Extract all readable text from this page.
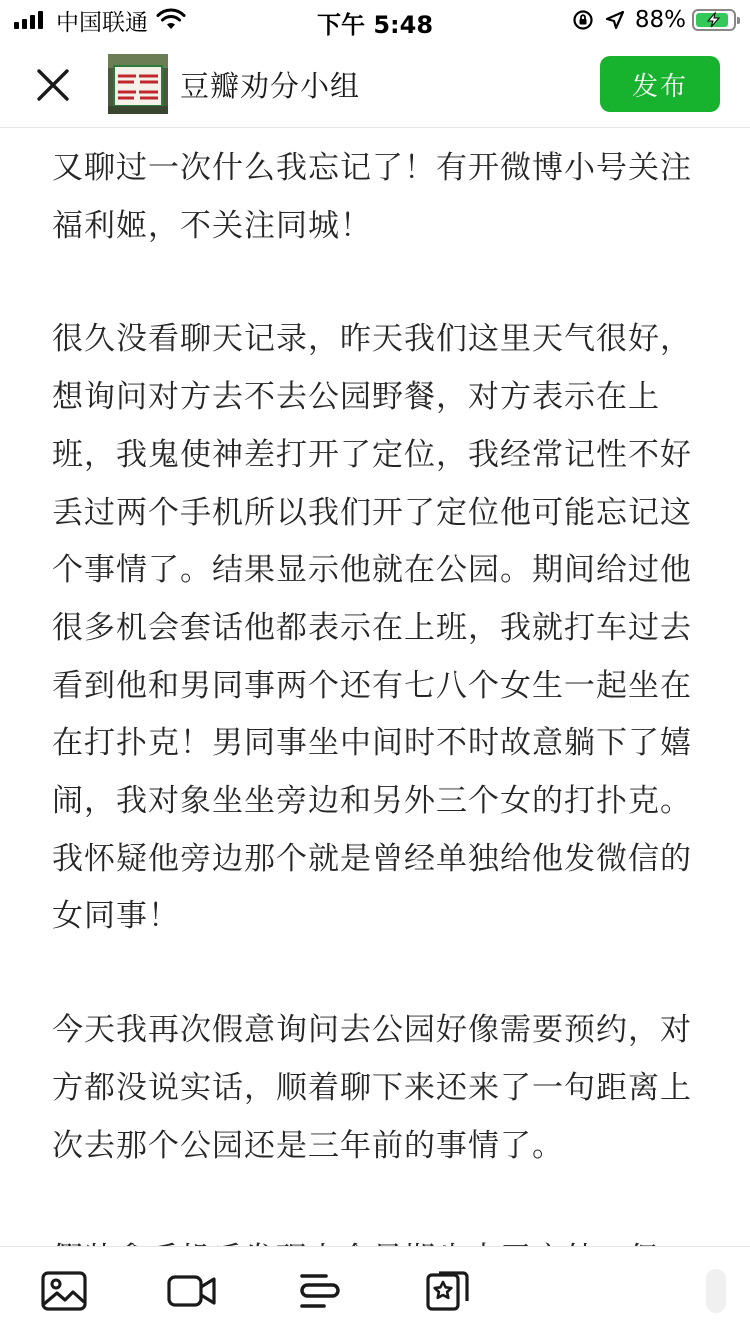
中国联通	下午 5:48	88%
豆瓣劝分小组	发布

又聊过一次什么我忘记了！有开微博小号关注福利姬，不关注同城！

很久没看聊天记录，昨天我们这里天气很好，想询问对方去不去公园野餐，对方表示在上班，我鬼使神差打开了定位，我经常记性不好丢过两个手机所以我们开了定位他可能忘记这个事情了。结果显示他就在公园。期间给过他很多机会套话他都表示在上班，我就打车过去看到他和男同事两个还有七八个女生一起坐在在打扑克！男同事坐中间时不时故意躺下了嬉闹，我对象坐坐旁边和另外三个女的打扑克。我怀疑他旁边那个就是曾经单独给他发微信的女同事！

今天我再次假意询问去公园好像需要预约，对方都没说实话，顺着聊下来还来了一句距离上次去那个公园还是三年前的事情了。
